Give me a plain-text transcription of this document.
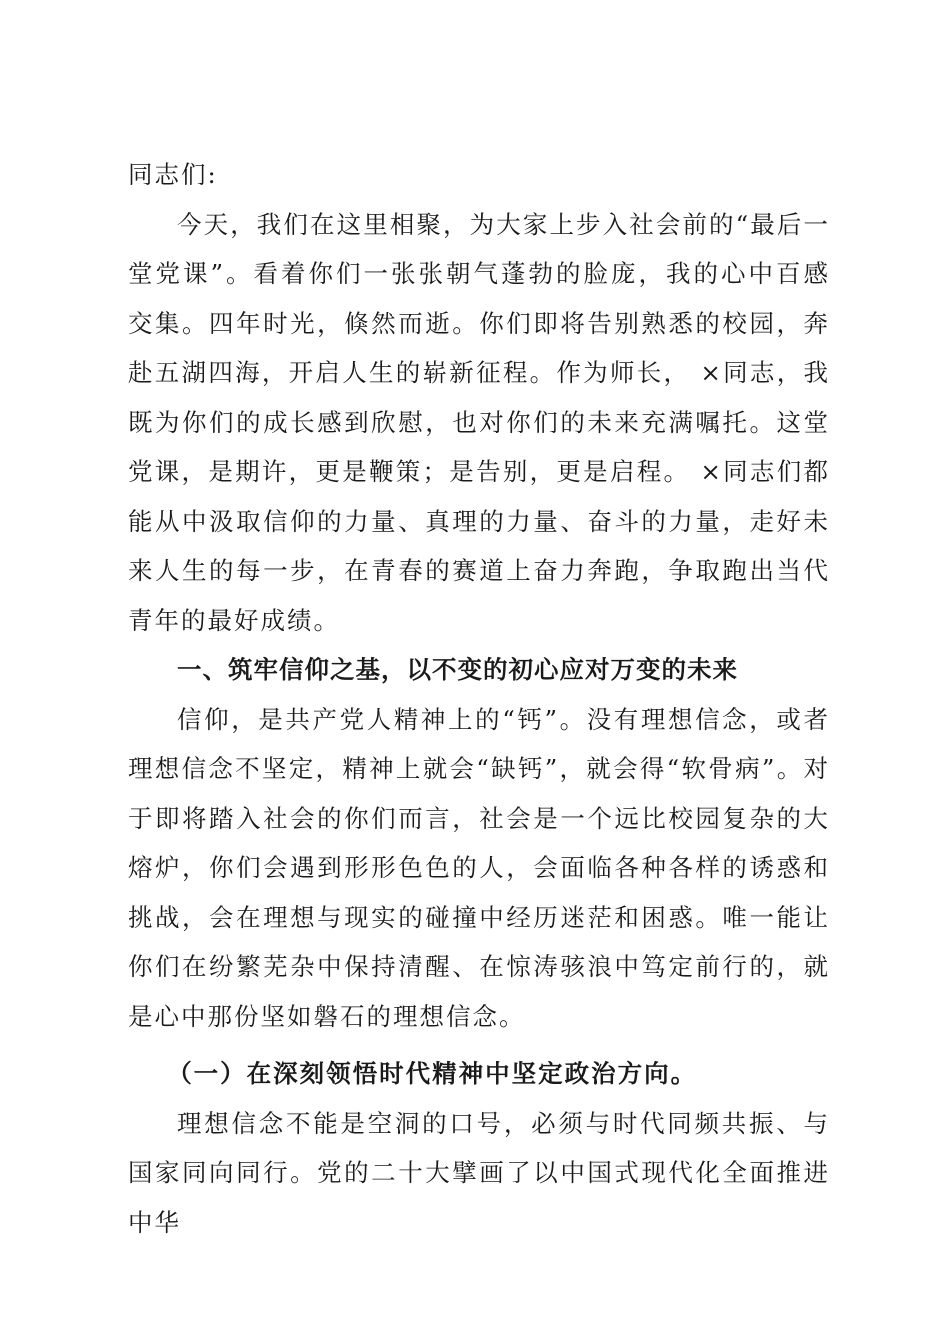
同志们:

今天，我们在这里相聚，为大家上步入社会前的“最后一堂党课”。看着你们一张张朝气蓬勃的脸庞，我的心中百感交集。四年时光，倏然而逝。你们即将告别熟悉的校园，奔赴五湖四海，开启人生的崭新征程。作为师长， ×同志，我既为你们的成长感到欣慰，也对你们的未来充满嘱托。这堂党课，是期许，更是鞭策；是告别，更是启程。 ×同志们都能从中汲取信仰的力量、真理的力量、奋斗的力量，走好未来人生的每一步，在青春的赛道上奋力奔跑，争取跑出当代青年的最好成绩。

一、筑牢信仰之基，以不变的初心应对万变的未来

信仰，是共产党人精神上的“钙”。没有理想信念，或者理想信念不坚定，精神上就会“缺钙”，就会得“软骨病”。对于即将踏入社会的你们而言，社会是一个远比校园复杂的大熔炉，你们会遇到形形色色的人，会面临各种各样的诱惑和挑战，会在理想与现实的碰撞中经历迷茫和困惑。唯一能让你们在纷繁芜杂中保持清醒、在惊涛骇浪中笃定前行的，就是心中那份坚如磐石的理想信念。

（一）在深刻领悟时代精神中坚定政治方向。

理想信念不能是空洞的口号，必须与时代同频共振、与国家同向同行。党的二十大擘画了以中国式现代化全面推进中华
